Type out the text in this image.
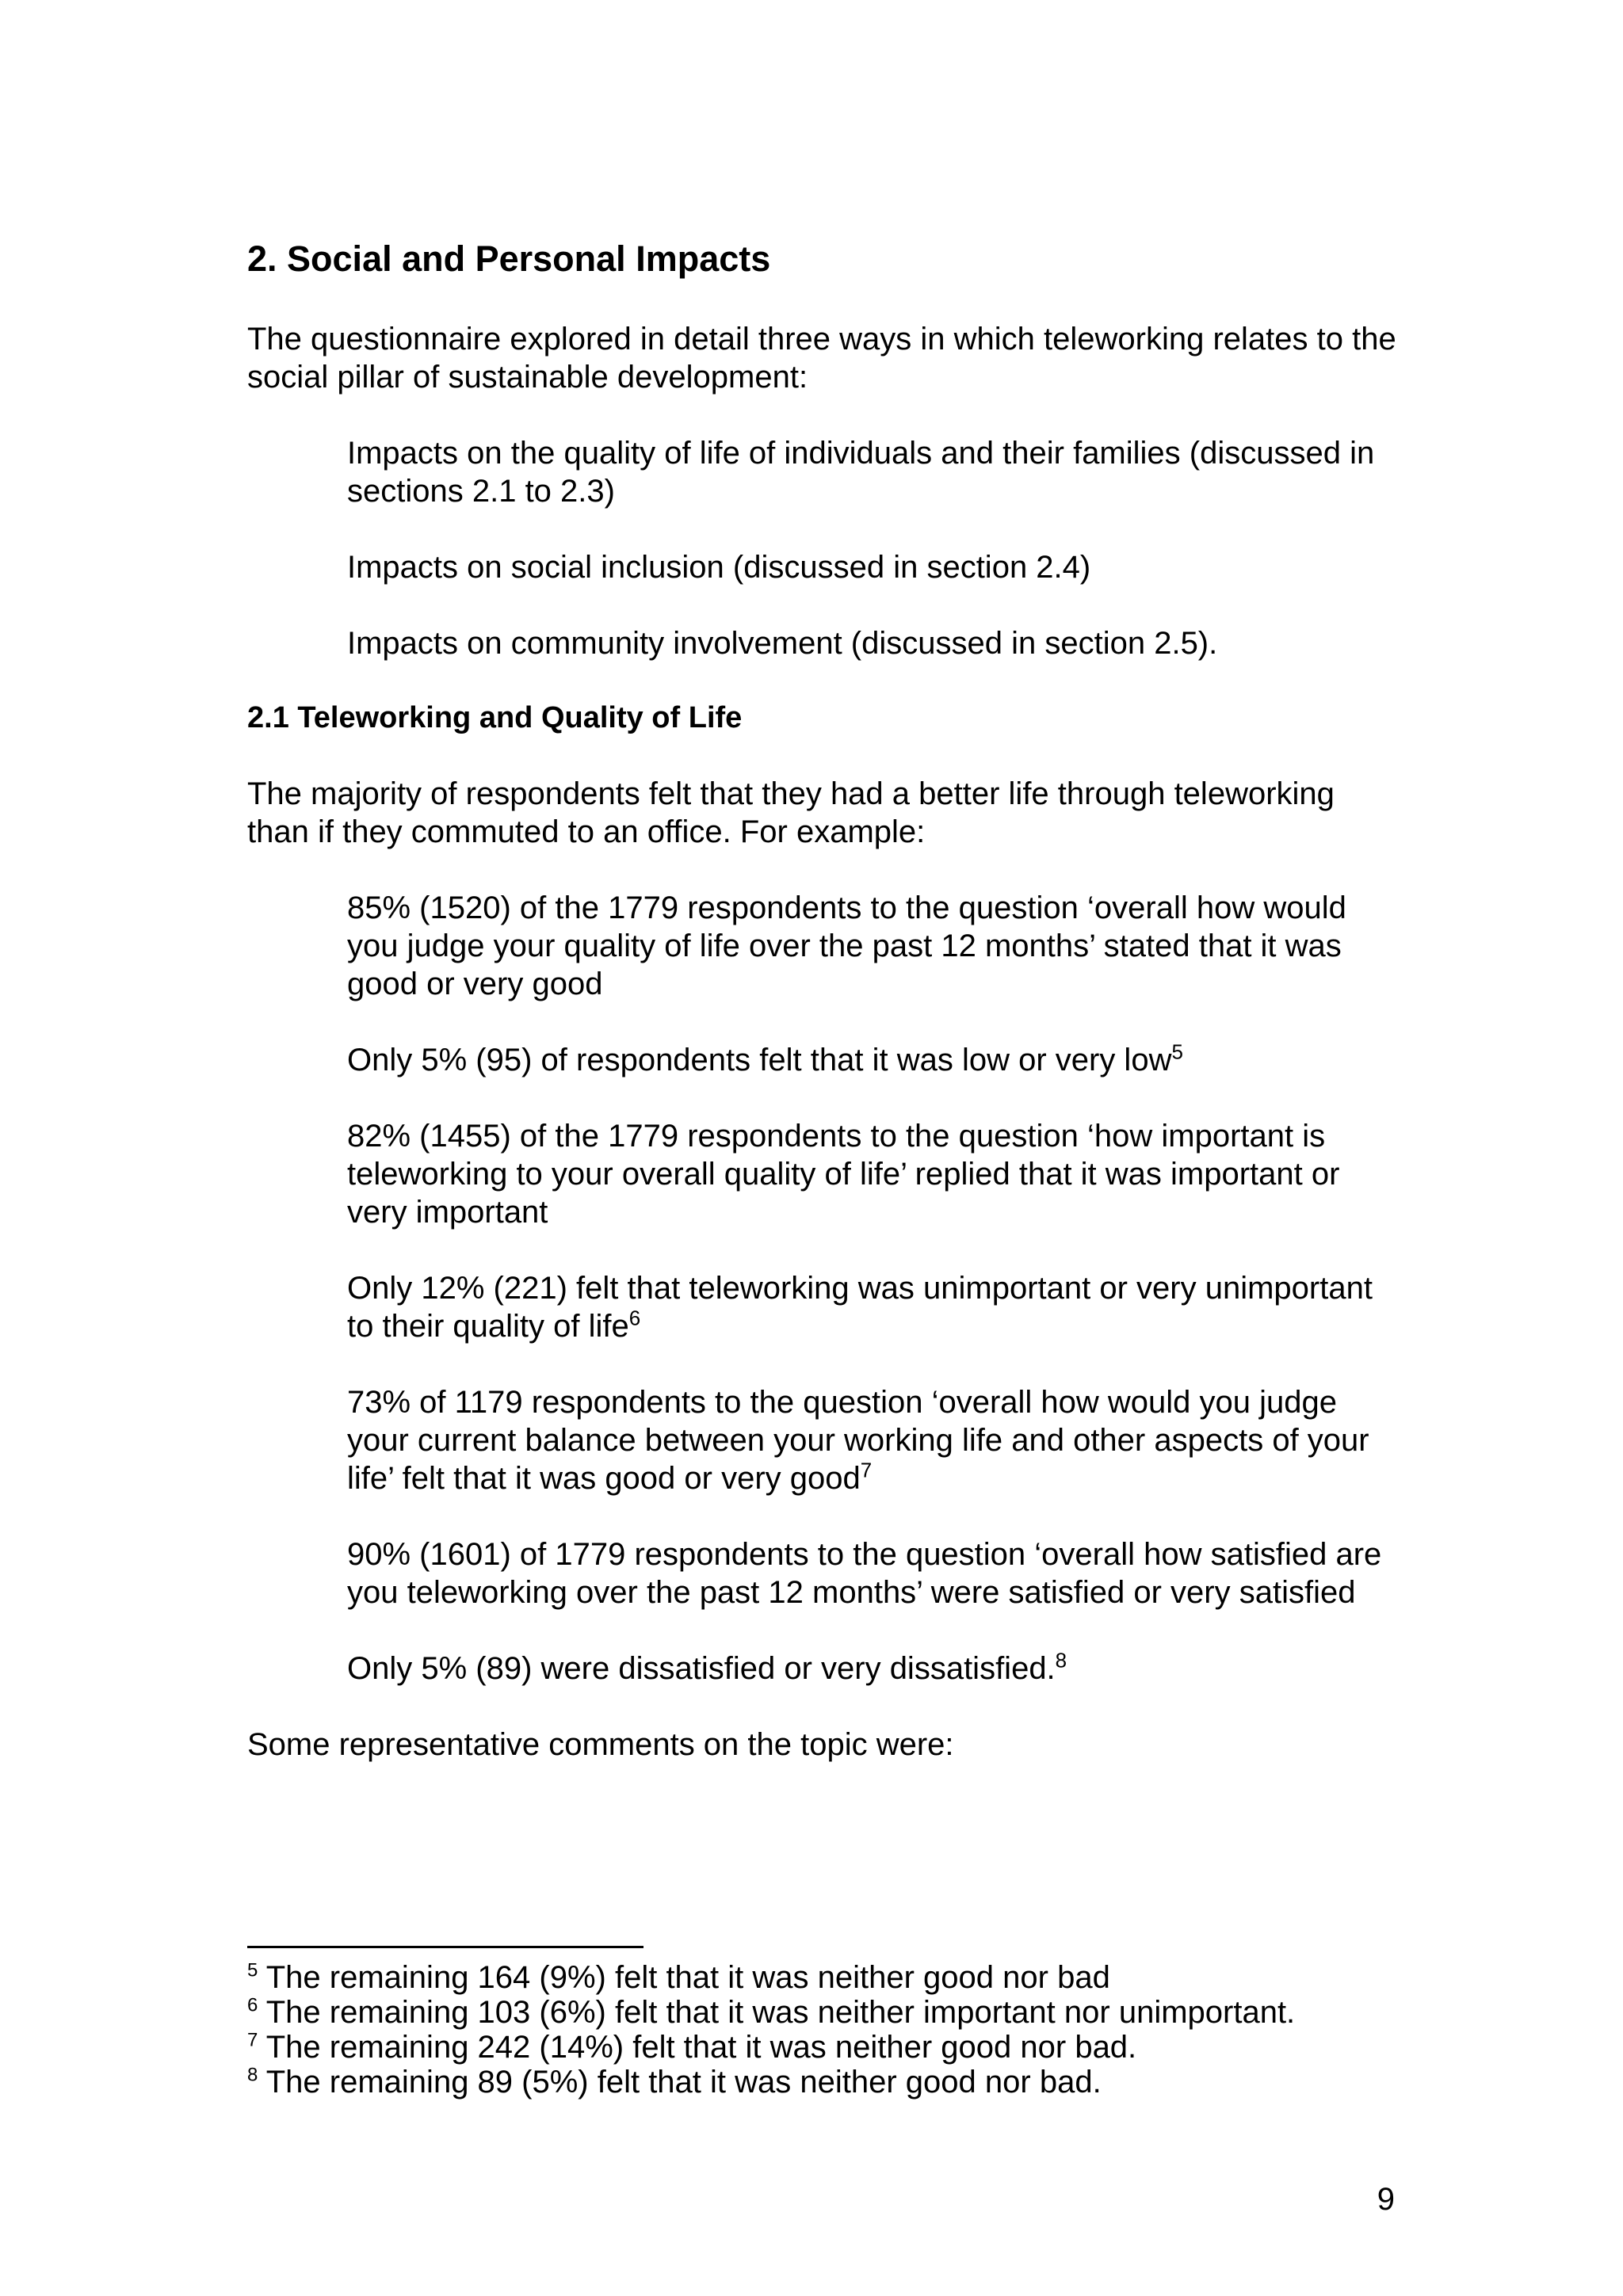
2. Social and Personal Impacts

The questionnaire explored in detail three ways in which teleworking relates to the social pillar of sustainable development:

Impacts on the quality of life of individuals and their families (discussed in sections 2.1 to 2.3)

Impacts on social inclusion (discussed in section 2.4)

Impacts on community involvement (discussed in section 2.5).

2.1 Teleworking and Quality of Life

The majority of respondents felt that they had a better life through teleworking than if they commuted to an office. For example:

85% (1520) of the 1779 respondents to the question ‘overall how would you judge your quality of life over the past 12 months’ stated that it was good or very good

Only 5% (95) of respondents felt that it was low or very low$^5$

82% (1455) of the 1779 respondents to the question ‘how important is teleworking to your overall quality of life’ replied that it was important or very important

Only 12% (221) felt that teleworking was unimportant or very unimportant to their quality of life$^6$

73% of 1179 respondents to the question ‘overall how would you judge your current balance between your working life and other aspects of your life’ felt that it was good or very good$^7$

90% (1601) of 1779 respondents to the question ‘overall how satisfied are you teleworking over the past 12 months’ were satisfied or very satisfied

Only 5% (89) were dissatisfied or very dissatisfied.$^8$

Some representative comments on the topic were:

$^5$ The remaining 164 (9%) felt that it was neither good nor bad

$^6$ The remaining 103 (6%) felt that it was neither important nor unimportant.

$^7$ The remaining 242 (14%) felt that it was neither good nor bad.

$^8$ The remaining 89 (5%) felt that it was neither good nor bad.

9
